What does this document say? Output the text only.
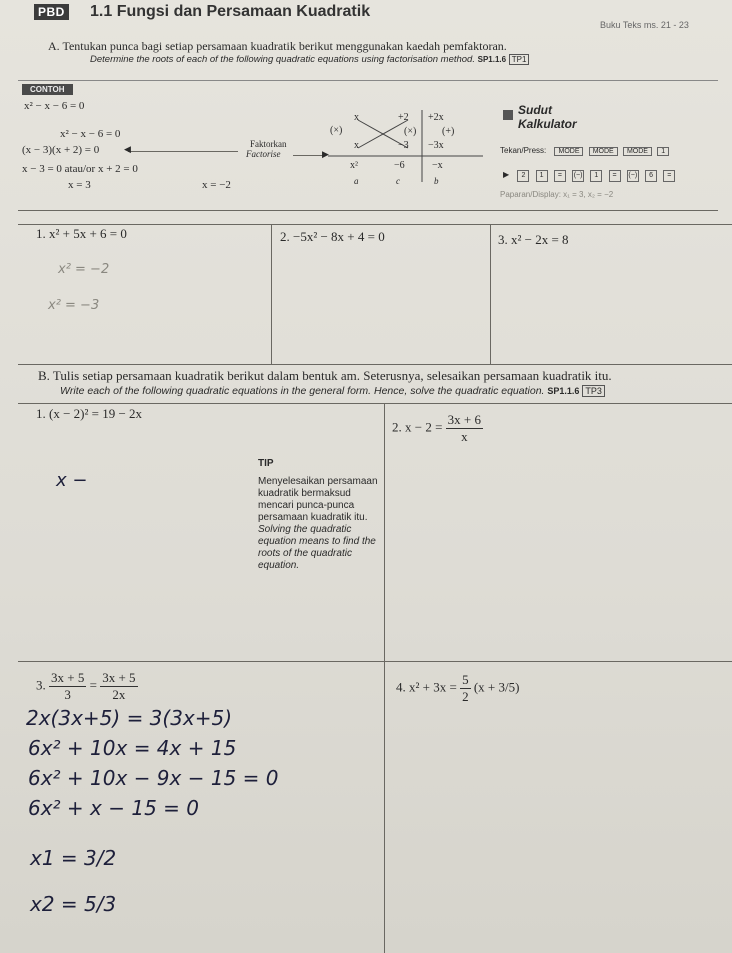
PBD 1.1 Fungsi dan Persamaan Kuadratik
Buku Teks ms. 21 - 23
A. Tentukan punca bagi setiap persamaan kuadratik berikut menggunakan kaedah pemfaktoran.
Determine the roots of each of the following quadratic equations using factorisation method. SP1.1.6 TP1
CONTOH
x² − x − 6 = 0
x² − x − 6 = 0
(x − 3)(x + 2) = 0
x − 3 = 0 atau/or x + 2 = 0
x = 3	x = −2
◀	Faktorkan
Factorise	▶
(×)
x	+2
(×)
+2x
(+)
x	−3 −3x
x²	−6	−x
a	c	b
Sudut
Kalkulator
Tekan/Press: MODE MODE MODE 1
▶ 2 1 = (−) 1 = (−) 6 =
Paparan/Display: x₁ = 3, x₂ = −2
1. x² + 5x + 6 = 0	2. −5x² − 8x + 4 = 0	3. x² − 2x = 8
x² = −2
x² = −3
B. Tulis setiap persamaan kuadratik berikut dalam bentuk am. Seterusnya, selesaikan persamaan kuadratik itu.
Write each of the following quadratic equations in the general form. Hence, solve the quadratic equation. SP1.1.6 TP3
1. (x − 2)² = 19 − 2x
x −
2. $x - 2 = \frac{3x + 6}{x}$
TIP
Menyelesaikan persamaan kuadratik bermaksud mencari punca-punca persamaan kuadratik itu.
Solving the quadratic equation means to find the roots of the quadratic equation.
3. $\frac{3x + 5}{3} = \frac{3x + 5}{2x}$	4. $x^2 + 3x = \frac{5}{2} (x + 3/5)$
2x(3x+5) = 3(3x+5)
6x² + 10x = 4x + 15
6x² + 10x − 9x − 15 = 0
6x² + x − 15 = 0
x1 = 3/2
x2 = 5/3
